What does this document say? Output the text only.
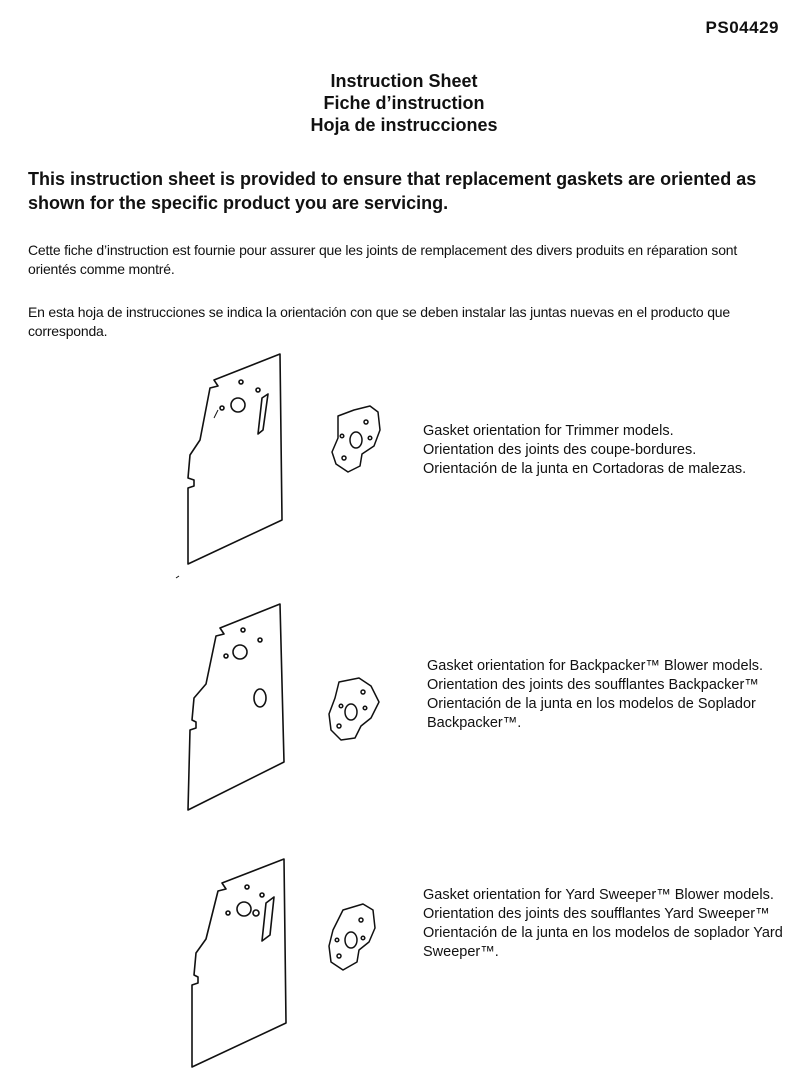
PS04429
Instruction Sheet
Fiche d’instruction
Hoja de instrucciones
This instruction sheet is provided to ensure that replacement gaskets are oriented as shown for the specific product you are servicing.
Cette fiche d’instruction est fournie pour assurer que les joints de remplacement des divers produits en réparation sont orientés comme montré.
En esta hoja de instrucciones se indica la orientación con que se deben instalar las juntas nuevas en el producto que corresponda.
Gasket orientation for Trimmer models.
Orientation des joints des coupe-bordures.
Orientación de la junta en Cortadoras de malezas.
Gasket orientation for Backpacker™ Blower models.
Orientation des joints des soufflantes Backpacker™
Orientación de la junta en los modelos de Soplador Backpacker™.
Gasket orientation for Yard Sweeper™ Blower models.
Orientation des joints des soufflantes Yard Sweeper™
Orientación de la junta en los modelos de soplador Yard Sweeper™.
